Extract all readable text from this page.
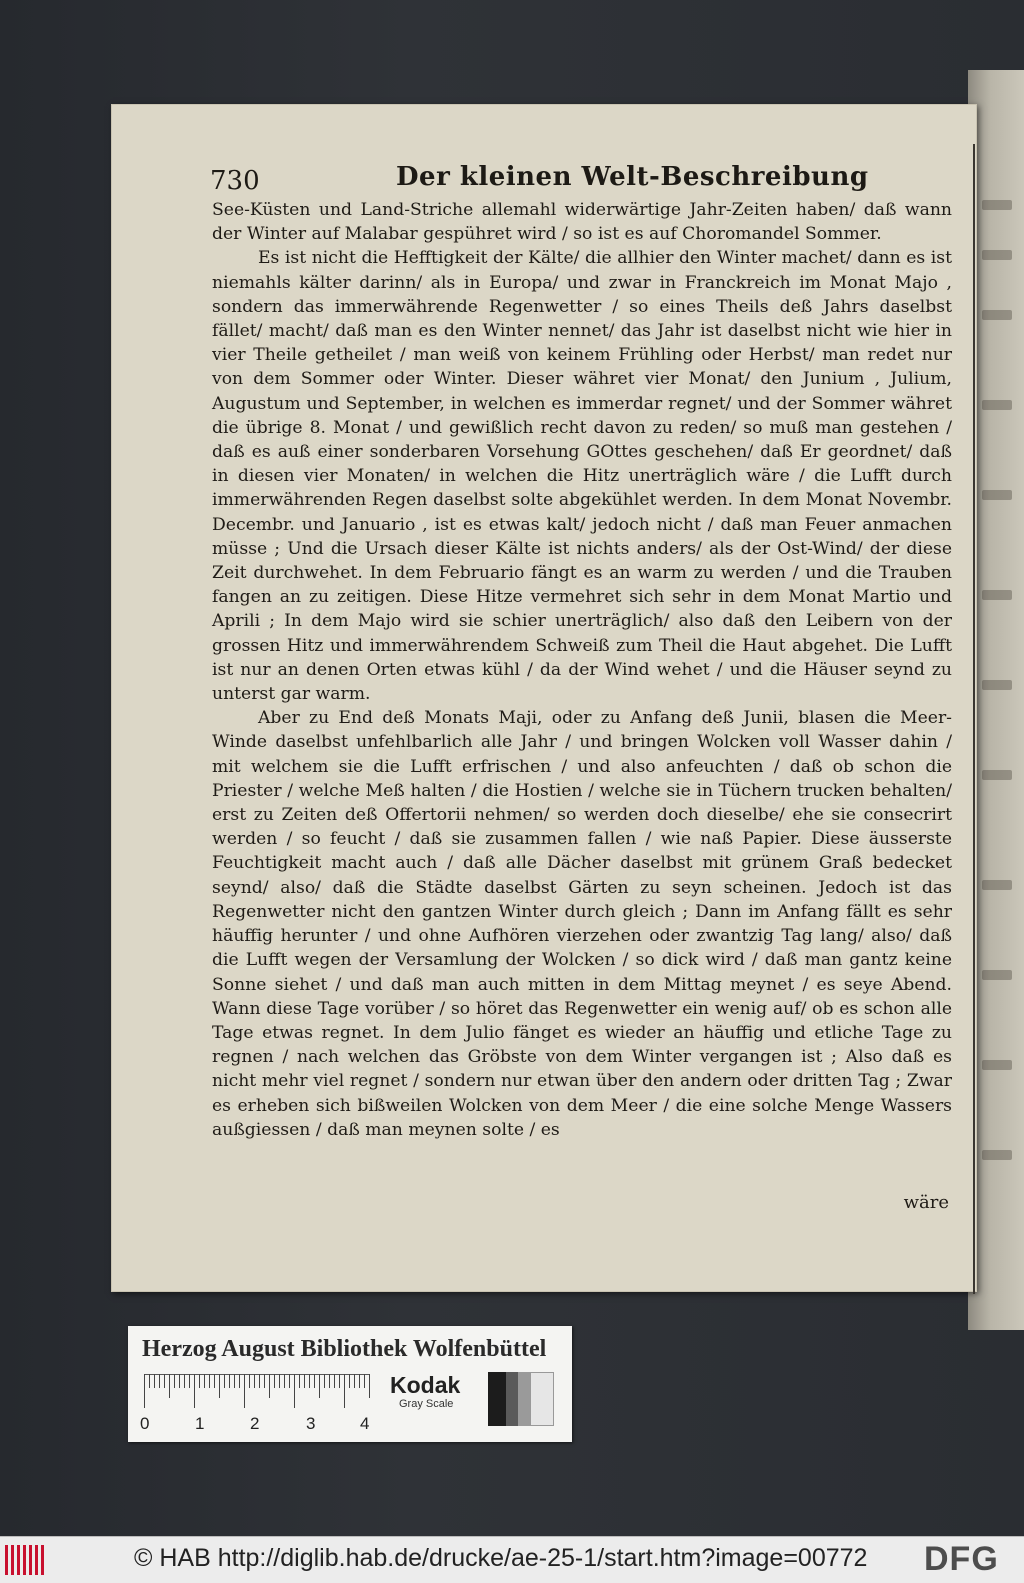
730	Der kleinen Welt-Beschreibung

See-Küsten und Land-Striche allemahl widerwärtige Jahr-Zeiten haben/ daß wann der Winter auf Malabar gespühret wird / so ist es auf Choromandel Sommer.

Es ist nicht die Hefftigkeit der Kälte/ die allhier den Winter machet/ dann es ist niemahls kälter darinn/ als in Europa/ und zwar in Franckreich im Monat Majo , sondern das immerwährende Regenwetter / so eines Theils deß Jahrs daselbst fället/ macht/ daß man es den Winter nennet/ das Jahr ist daselbst nicht wie hier in vier Theile getheilet / man weiß von keinem Frühling oder Herbst/ man redet nur von dem Sommer oder Winter. Dieser währet vier Monat/ den Junium , Julium, Augustum und September, in welchen es immerdar regnet/ und der Sommer währet die übrige 8. Monat / und gewißlich recht davon zu reden/ so muß man gestehen / daß es auß einer sonderbaren Vorsehung GOttes geschehen/ daß Er geordnet/ daß in diesen vier Monaten/ in welchen die Hitz unerträglich wäre / die Lufft durch immerwährenden Regen daselbst solte abgekühlet werden. In dem Monat Novembr. Decembr. und Januario , ist es etwas kalt/ jedoch nicht / daß man Feuer anmachen müsse ; Und die Ursach dieser Kälte ist nichts anders/ als der Ost-Wind/ der diese Zeit durchwehet. In dem Februario fängt es an warm zu werden / und die Trauben fangen an zu zeitigen. Diese Hitze vermehret sich sehr in dem Monat Martio und Aprili ; In dem Majo wird sie schier unerträglich/ also daß den Leibern von der grossen Hitz und immerwährendem Schweiß zum Theil die Haut abgehet. Die Lufft ist nur an denen Orten etwas kühl / da der Wind wehet / und die Häuser seynd zu unterst gar warm.

Aber zu End deß Monats Maji, oder zu Anfang deß Junii, blasen die Meer-Winde daselbst unfehlbarlich alle Jahr / und bringen Wolcken voll Wasser dahin / mit welchem sie die Lufft erfrischen / und also anfeuchten / daß ob schon die Priester / welche Meß halten / die Hostien / welche sie in Tüchern trucken behalten/ erst zu Zeiten deß Offertorii nehmen/ so werden doch dieselbe/ ehe sie consecrirt werden / so feucht / daß sie zusammen fallen / wie naß Papier. Diese äusserste Feuchtigkeit macht auch / daß alle Dächer daselbst mit grünem Graß bedecket seynd/ also/ daß die Städte daselbst Gärten zu seyn scheinen. Jedoch ist das Regenwetter nicht den gantzen Winter durch gleich ; Dann im Anfang fällt es sehr häuffig herunter / und ohne Aufhören vierzehen oder zwantzig Tag lang/ also/ daß die Lufft wegen der Versamlung der Wolcken / so dick wird / daß man gantz keine Sonne siehet / und daß man auch mitten in dem Mittag meynet / es seye Abend. Wann diese Tage vorüber / so höret das Regenwetter ein wenig auf/ ob es schon alle Tage etwas regnet. In dem Julio fänget es wieder an häuffig und etliche Tage zu regnen / nach welchen das Gröbste von dem Winter vergangen ist ; Also daß es nicht mehr viel regnet / sondern nur etwan über den andern oder dritten Tag ; Zwar es erheben sich bißweilen Wolcken von dem Meer / die eine solche Menge Wassers außgiessen / daß man meynen solte / es

wäre
Herzog August Bibliothek Wolfenbüttel
0	1	2	3	4
Kodak
Gray Scale
© HAB http://diglib.hab.de/drucke/ae-25-1/start.htm?image=00772 DFG
